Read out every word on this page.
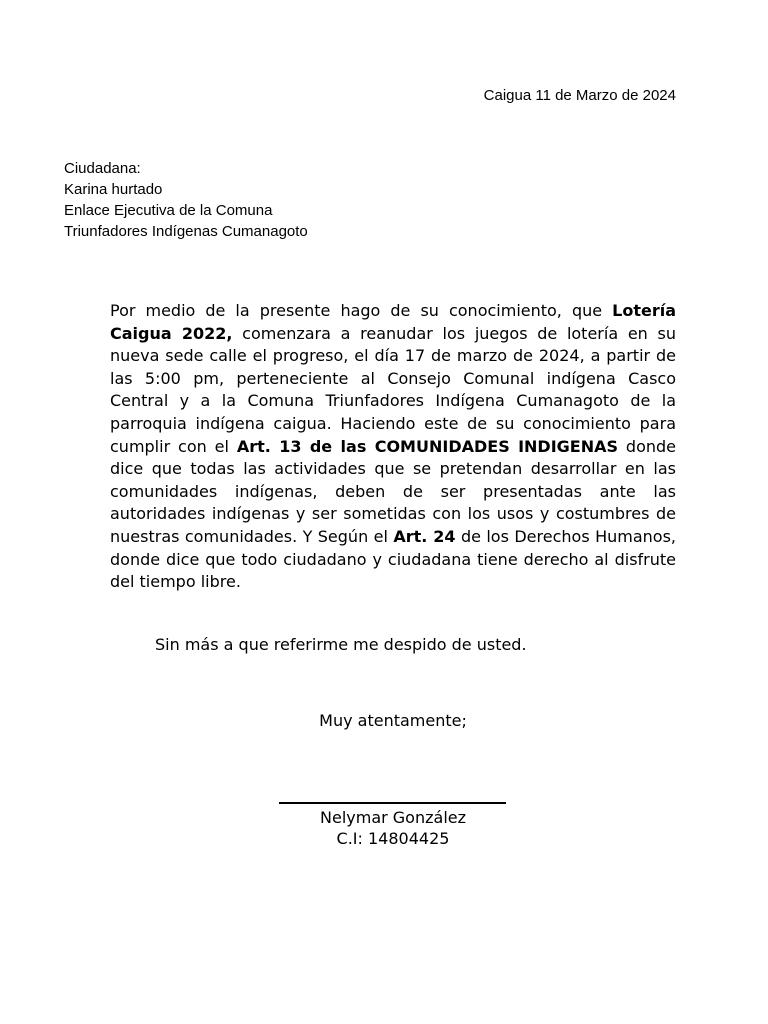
Caigua 11 de Marzo de 2024
Ciudadana:
Karina hurtado
Enlace Ejecutiva de la Comuna
Triunfadores Indígenas Cumanagoto

Por medio de la presente hago de su conocimiento, que Lotería Caigua 2022, comenzara a reanudar los juegos de lotería en su nueva sede calle el progreso, el día 17 de marzo de 2024, a partir de las 5:00 pm, perteneciente al Consejo Comunal indígena Casco Central y a la Comuna Triunfadores Indígena Cumanagoto de la parroquia indígena caigua. Haciendo este de su conocimiento para cumplir con el Art. 13 de las COMUNIDADES INDIGENAS donde dice que todas las actividades que se pretendan desarrollar en las comunidades indígenas, deben de ser presentadas ante las autoridades indígenas y ser sometidas con los usos y costumbres de nuestras comunidades. Y Según el Art. 24 de los Derechos Humanos, donde dice que todo ciudadano y ciudadana tiene derecho al disfrute del tiempo libre.

Sin más a que referirme me despido de usted.
Muy atentamente;
Nelymar González
C.I: 14804425
